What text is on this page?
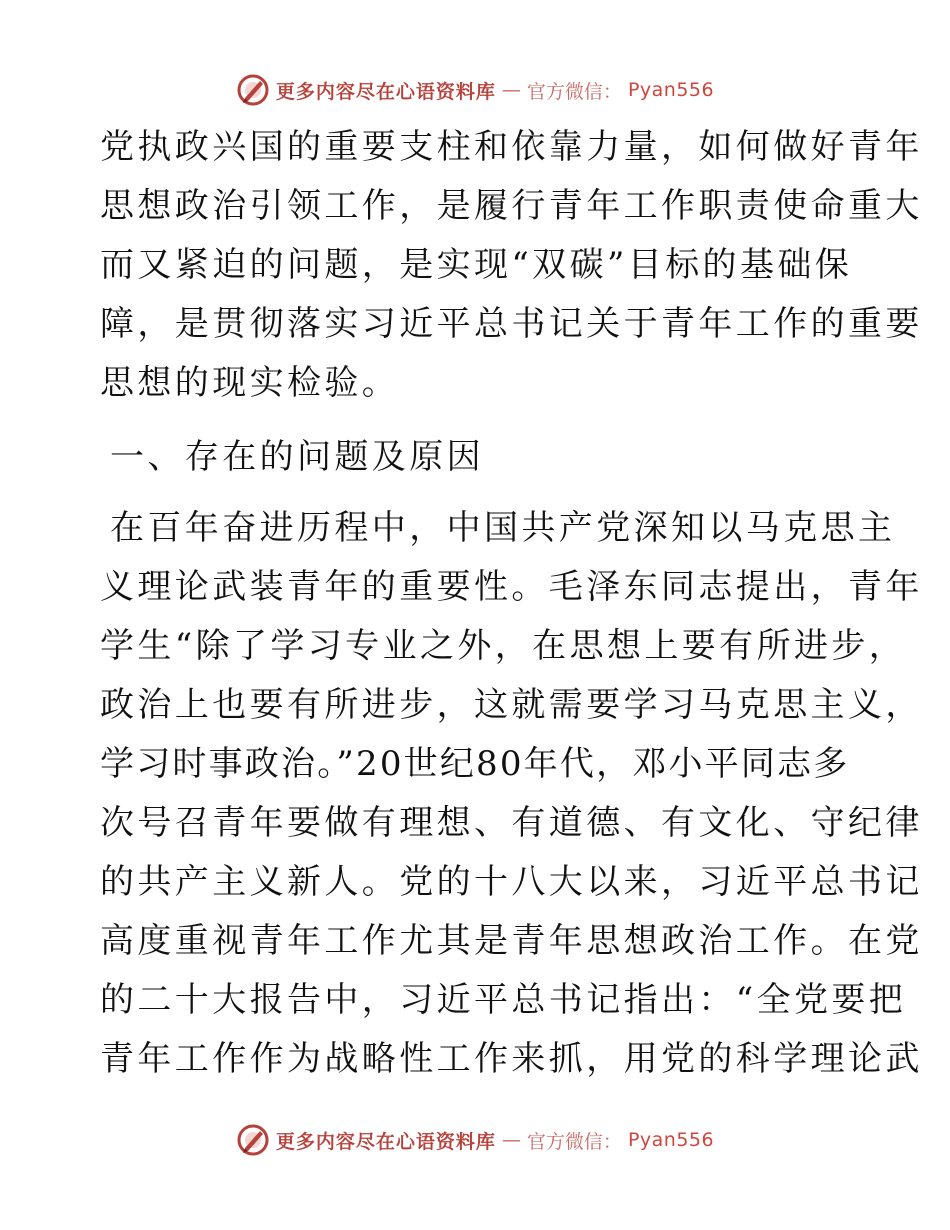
更多内容尽在心语资料库 — 官方微信： Pyan556
党执政兴国的重要支柱和依靠力量，如何做好青年
思想政治引领工作，是履行青年工作职责使命重大
而又紧迫的问题，是实现“双碳”目标的基础保
障，是贯彻落实习近平总书记关于青年工作的重要
思想的现实检验。
一、存在的问题及原因
在百年奋进历程中，中国共产党深知以马克思主
义理论武装青年的重要性。毛泽东同志提出，青年
学生“除了学习专业之外，在思想上要有所进步，
政治上也要有所进步，这就需要学习马克思主义，
学习时事政治。”20世纪80年代，邓小平同志多
次号召青年要做有理想、有道德、有文化、守纪律
的共产主义新人。党的十八大以来，习近平总书记
高度重视青年工作尤其是青年思想政治工作。在党
的二十大报告中，习近平总书记指出：“全党要把
青年工作作为战略性工作来抓，用党的科学理论武
更多内容尽在心语资料库 — 官方微信： Pyan556
